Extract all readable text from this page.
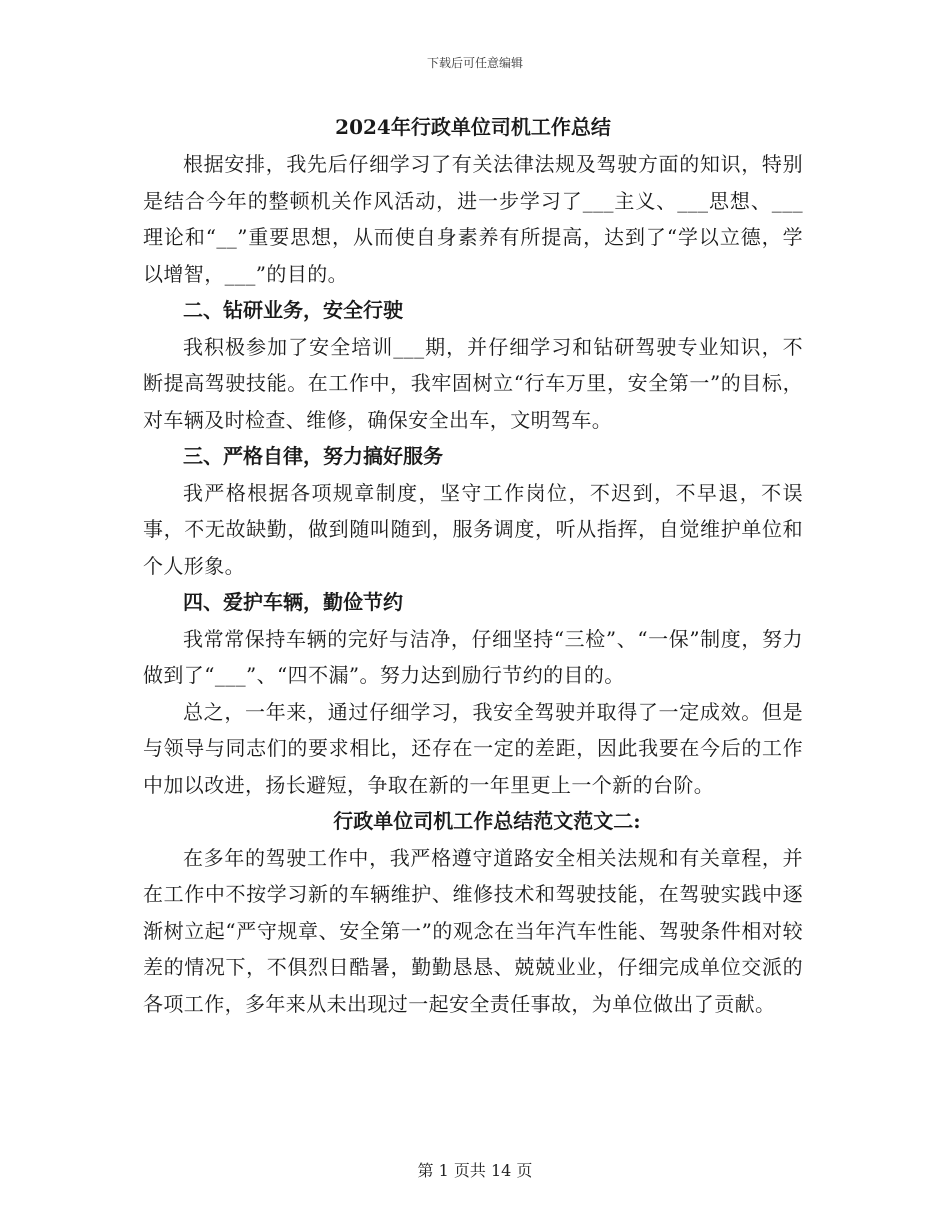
下载后可任意编辑
2024年行政单位司机工作总结

根据安排，我先后仔细学习了有关法律法规及驾驶方面的知识，特别是结合今年的整顿机关作风活动，进一步学习了___主义、___思想、___理论和“__”重要思想，从而使自身素养有所提高，达到了“学以立德，学以增智，___”的目的。

二、钻研业务，安全行驶

我积极参加了安全培训___期，并仔细学习和钻研驾驶专业知识，不断提高驾驶技能。在工作中，我牢固树立“行车万里，安全第一”的目标，对车辆及时检查、维修，确保安全出车，文明驾车。

三、严格自律，努力搞好服务

我严格根据各项规章制度，坚守工作岗位，不迟到，不早退，不误事，不无故缺勤，做到随叫随到，服务调度，听从指挥，自觉维护单位和个人形象。

四、爱护车辆，勤俭节约

我常常保持车辆的完好与洁净，仔细坚持“三检”、“一保”制度，努力做到了“___”、“四不漏”。努力达到励行节约的目的。

总之，一年来，通过仔细学习，我安全驾驶并取得了一定成效。但是与领导与同志们的要求相比，还存在一定的差距，因此我要在今后的工作中加以改进，扬长避短，争取在新的一年里更上一个新的台阶。

行政单位司机工作总结范文范文二:

在多年的驾驶工作中，我严格遵守道路安全相关法规和有关章程，并在工作中不按学习新的车辆维护、维修技术和驾驶技能，在驾驶实践中逐渐树立起“严守规章、安全第一”的观念在当年汽车性能、驾驶条件相对较差的情况下，不俱烈日酷暑，勤勤恳恳、兢兢业业，仔细完成单位交派的各项工作，多年来从未出现过一起安全责任事故，为单位做出了贡献。

第 1 页共 14 页
